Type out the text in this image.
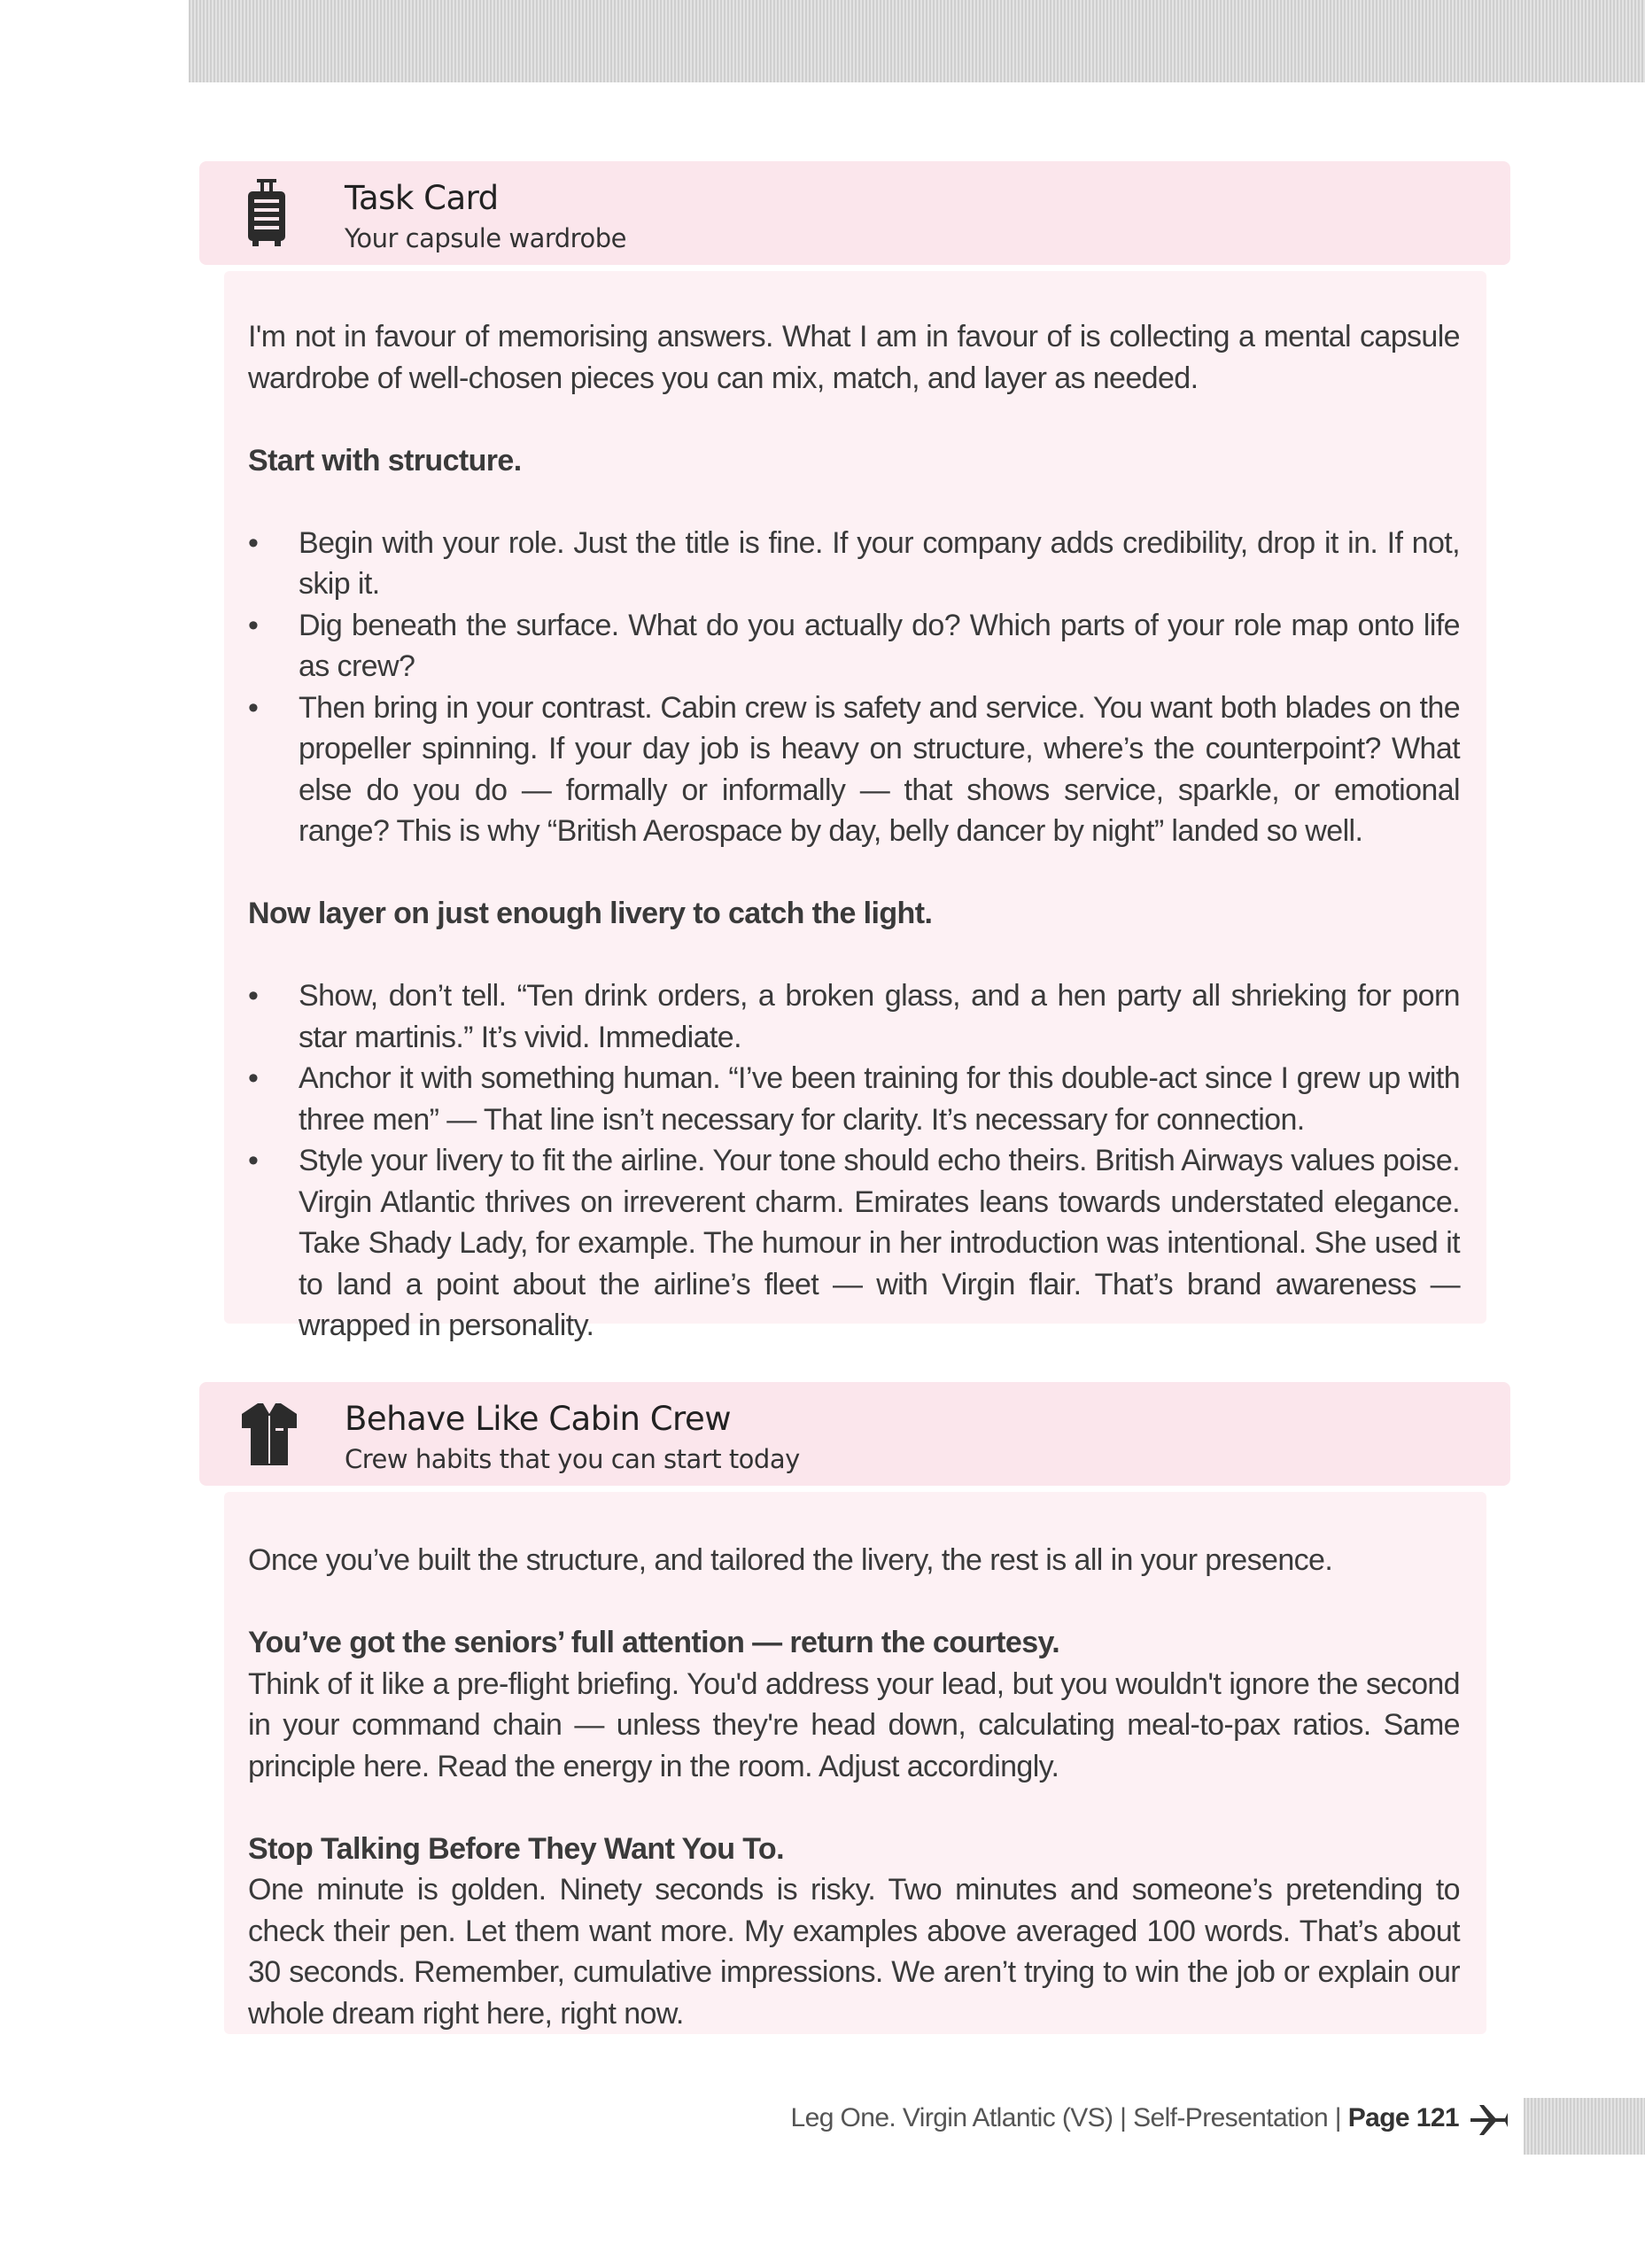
Task Card
Your capsule wardrobe

I'm not in favour of memorising answers. What I am in favour of is collecting a mental capsule wardrobe of well-chosen pieces you can mix, match, and layer as needed.

Start with structure.

• Begin with your role. Just the title is fine. If your company adds credibility, drop it in. If not, skip it.
• Dig beneath the surface. What do you actually do? Which parts of your role map onto life as crew?
• Then bring in your contrast. Cabin crew is safety and service. You want both blades on the propeller spinning. If your day job is heavy on structure, where’s the counterpoint? What else do you do — formally or informally — that shows service, sparkle, or emotional range? This is why “British Aerospace by day, belly dancer by night” landed so well.

Now layer on just enough livery to catch the light.

• Show, don’t tell. “Ten drink orders, a broken glass, and a hen party all shrieking for porn star martinis.” It’s vivid. Immediate.
• Anchor it with something human. “I’ve been training for this double-act since I grew up with three men” — That line isn’t necessary for clarity. It’s necessary for connection.
• Style your livery to fit the airline. Your tone should echo theirs. British Airways values poise. Virgin Atlantic thrives on irreverent charm. Emirates leans towards understated elegance. Take Shady Lady, for example. The humour in her introduction was intentional. She used it to land a point about the airline’s fleet — with Virgin flair. That’s brand awareness — wrapped in personality.
Behave Like Cabin Crew
Crew habits that you can start today

Once you’ve built the structure, and tailored the livery, the rest is all in your presence.

You’ve got the seniors’ full attention — return the courtesy.

Think of it like a pre-flight briefing. You'd address your lead, but you wouldn't ignore the second in your command chain — unless they're head down, calculating meal-to-pax ratios. Same principle here. Read the energy in the room. Adjust accordingly.

Stop Talking Before They Want You To.

One minute is golden. Ninety seconds is risky. Two minutes and someone’s pretending to check their pen. Let them want more. My examples above averaged 100 words. That’s about 30 seconds. Remember, cumulative impressions. We aren’t trying to win the job or explain our whole dream right here, right now.

Leg One. Virgin Atlantic (VS) | Self-Presentation | Page 121
